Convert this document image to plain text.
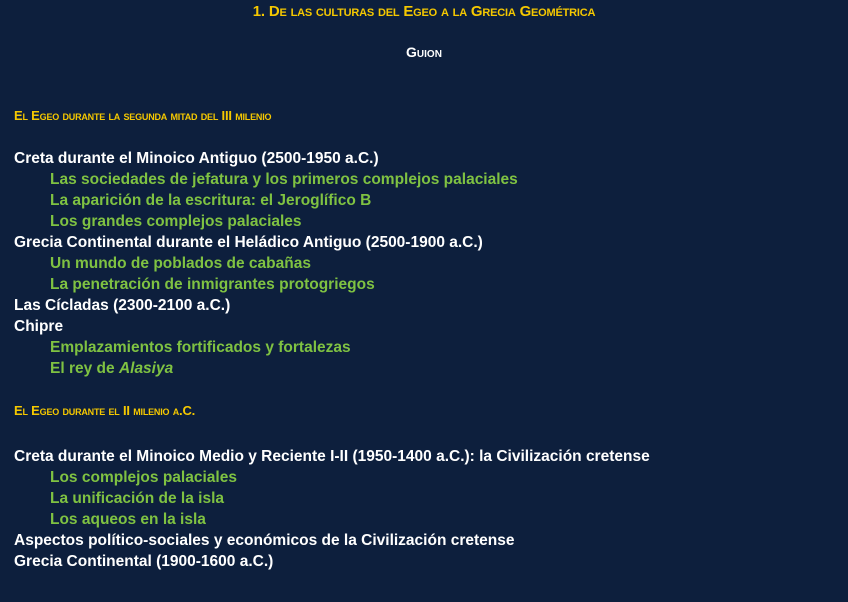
1. De las culturas del Egeo a la Grecia Geométrica
Guion
El Egeo durante la segunda mitad del III milenio
Creta durante el Minoico Antiguo (2500-1950 a.C.)
Las sociedades de jefatura y los primeros complejos palaciales
La aparición de la escritura: el Jeroglífico B
Los grandes complejos palaciales
Grecia Continental durante el Heládico Antiguo (2500-1900 a.C.)
Un mundo de poblados de cabañas
La penetración de inmigrantes protogriegos
Las Cícladas (2300-2100 a.C.)
Chipre
Emplazamientos fortificados y fortalezas
El rey de Alasiya
El Egeo durante el II milenio a.C.
Creta durante el Minoico Medio y Reciente I-II (1950-1400 a.C.): la Civilización cretense
Los complejos palaciales
La unificación de la isla
Los aqueos en la isla
Aspectos político-sociales y económicos de la Civilización cretense
Grecia Continental (1900-1600 a.C.)
